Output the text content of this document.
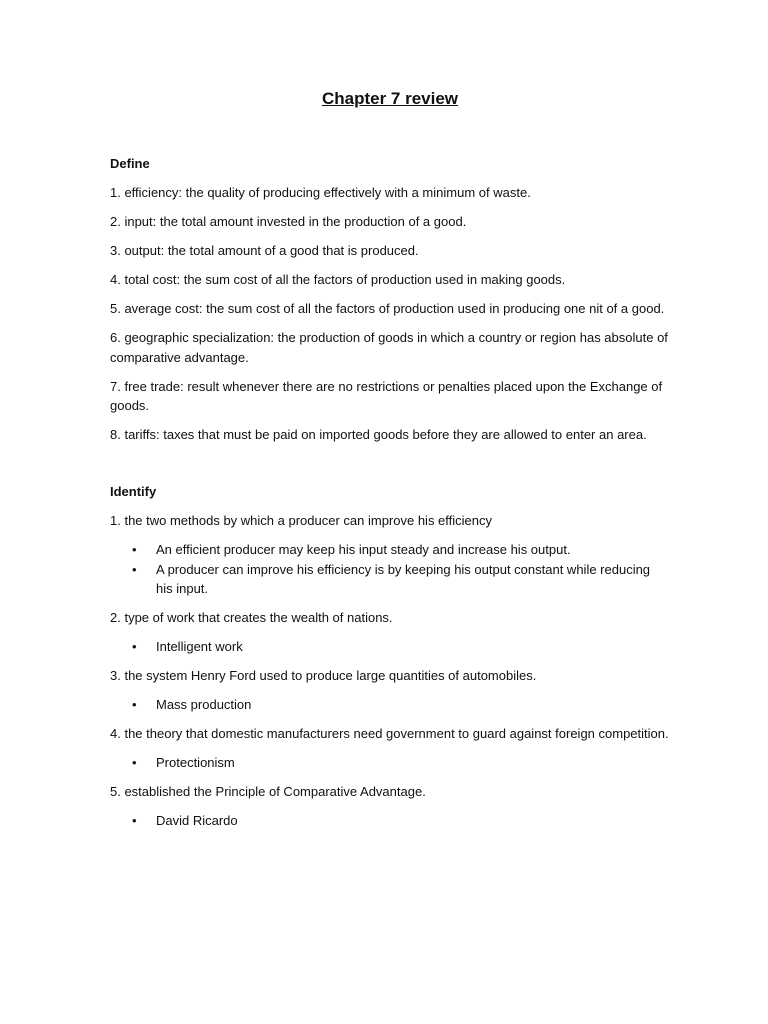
Chapter 7 review
Define
1. efficiency: the quality of producing effectively with a minimum of waste.
2. input: the total amount invested in the production of a good.
3. output: the total amount of a good that is produced.
4. total cost: the sum cost of all the factors of production used in making goods.
5. average cost: the sum cost of all the factors of production used in producing one nit of a good.
6. geographic specialization: the production of goods in which a country or region has absolute of comparative advantage.
7. free trade: result whenever there are no restrictions or penalties placed upon the Exchange of goods.
8. tariffs: taxes that must be paid on imported goods before they are allowed to enter an area.
Identify
1. the two methods by which a producer can improve his efficiency
• An efficient producer may keep his input steady and increase his output.
• A producer can improve his efficiency is by keeping his output constant while reducing his input.
2. type of work that creates the wealth of nations.
• Intelligent work
3. the system Henry Ford used to produce large quantities of automobiles.
• Mass production
4. the theory that domestic manufacturers need government to guard against foreign competition.
• Protectionism
5. established the Principle of Comparative Advantage.
• David Ricardo
